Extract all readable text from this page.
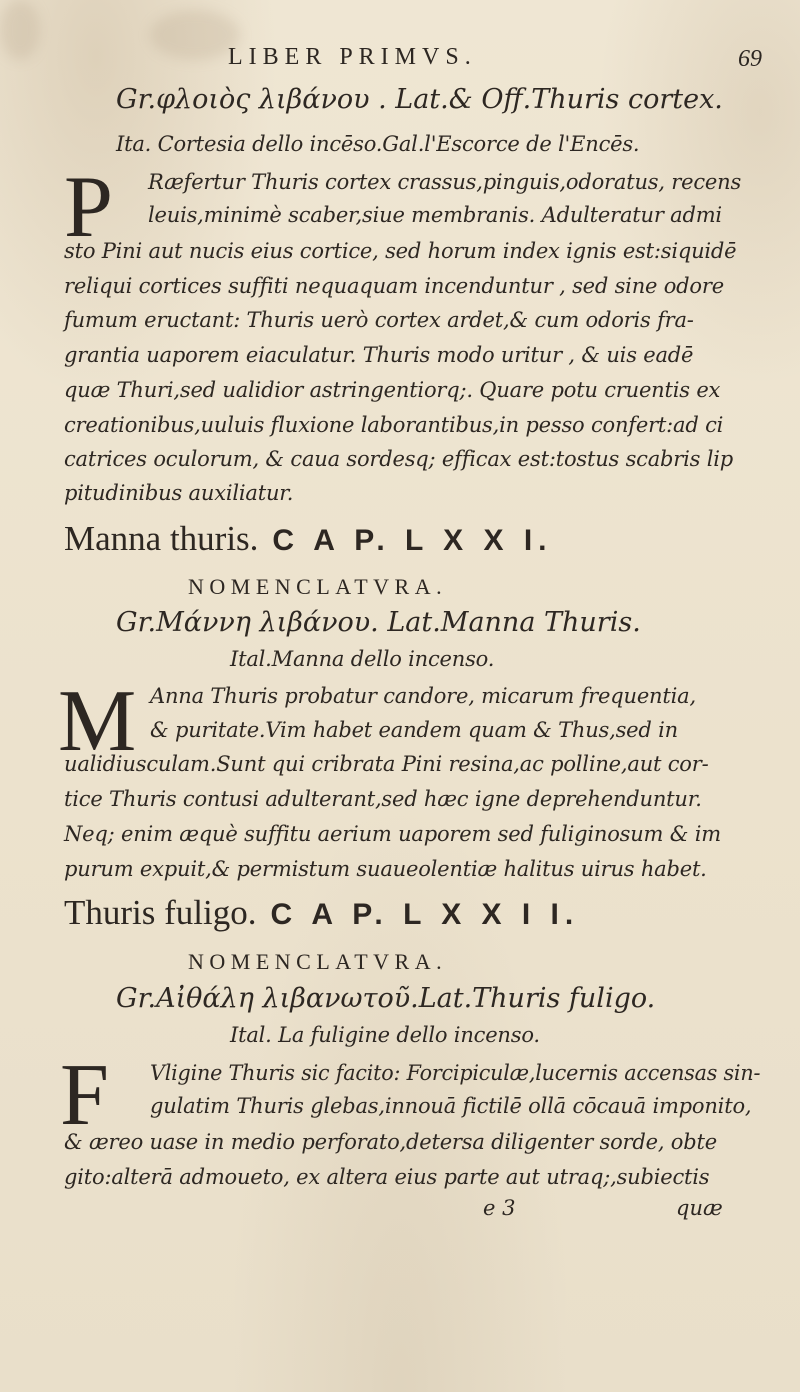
LIBER PRIMVS.	69
Gr.φλοιὸς λιβάνου . Lat.& Off.Thuris cortex.
Ita. Cortesia dello incēso.Gal.l'Escorce de l'Encēs.
P Ræfertur Thuris cortex crassus,pinguis,odoratus, recens
leuis,minimè scaber,siue membranis. Adulteratur admi
sto Pini aut nucis eius cortice, sed horum index ignis est:siquidē
reliqui cortices suffiti nequaquam incenduntur , sed sine odore
fumum eructant: Thuris uerò cortex ardet,& cum odoris fra-
grantia uaporem eiaculatur. Thuris modo uritur , & uis eadē
quæ Thuri,sed ualidior astringentiorq;. Quare potu cruentis ex
creationibus,uuluis fluxione laborantibus,in pesso confert:ad ci
catrices oculorum, & caua sordesq; efficax est:tostus scabris lip
pitudinibus auxiliatur.
Manna thuris. C A P. L X X I.
NOMENCLATVRA.
Gr.Μάννη λιβάνου. Lat.Manna Thuris.
Ital.Manna dello incenso.
M Anna Thuris probatur candore, micarum frequentia,
& puritate.Vim habet eandem quam & Thus,sed in
ualidiusculam.Sunt qui cribrata Pini resina,ac polline,aut cor-
tice Thuris contusi adulterant,sed hæc igne deprehenduntur.
Neq; enim æquè suffitu aerium uaporem sed fuliginosum & im
purum expuit,& permistum suaueolentiæ halitus uirus habet.
Thuris fuligo. C A P. L X X I I.
NOMENCLATVRA.
Gr.Αἰθάλη λιβανωτοῦ.Lat.Thuris fuligo.
Ital. La fuligine dello incenso.
F Vligine Thuris sic facito: Forcipiculæ,lucernis accensas sin-
gulatim Thuris glebas,innouā fictilē ollā cōcauā imponito,
& æreo uase in medio perforato,detersa diligenter sorde, obte
gito:alterā admoueto, ex altera eius parte aut utraq;,subiectis
e 3	quæ
